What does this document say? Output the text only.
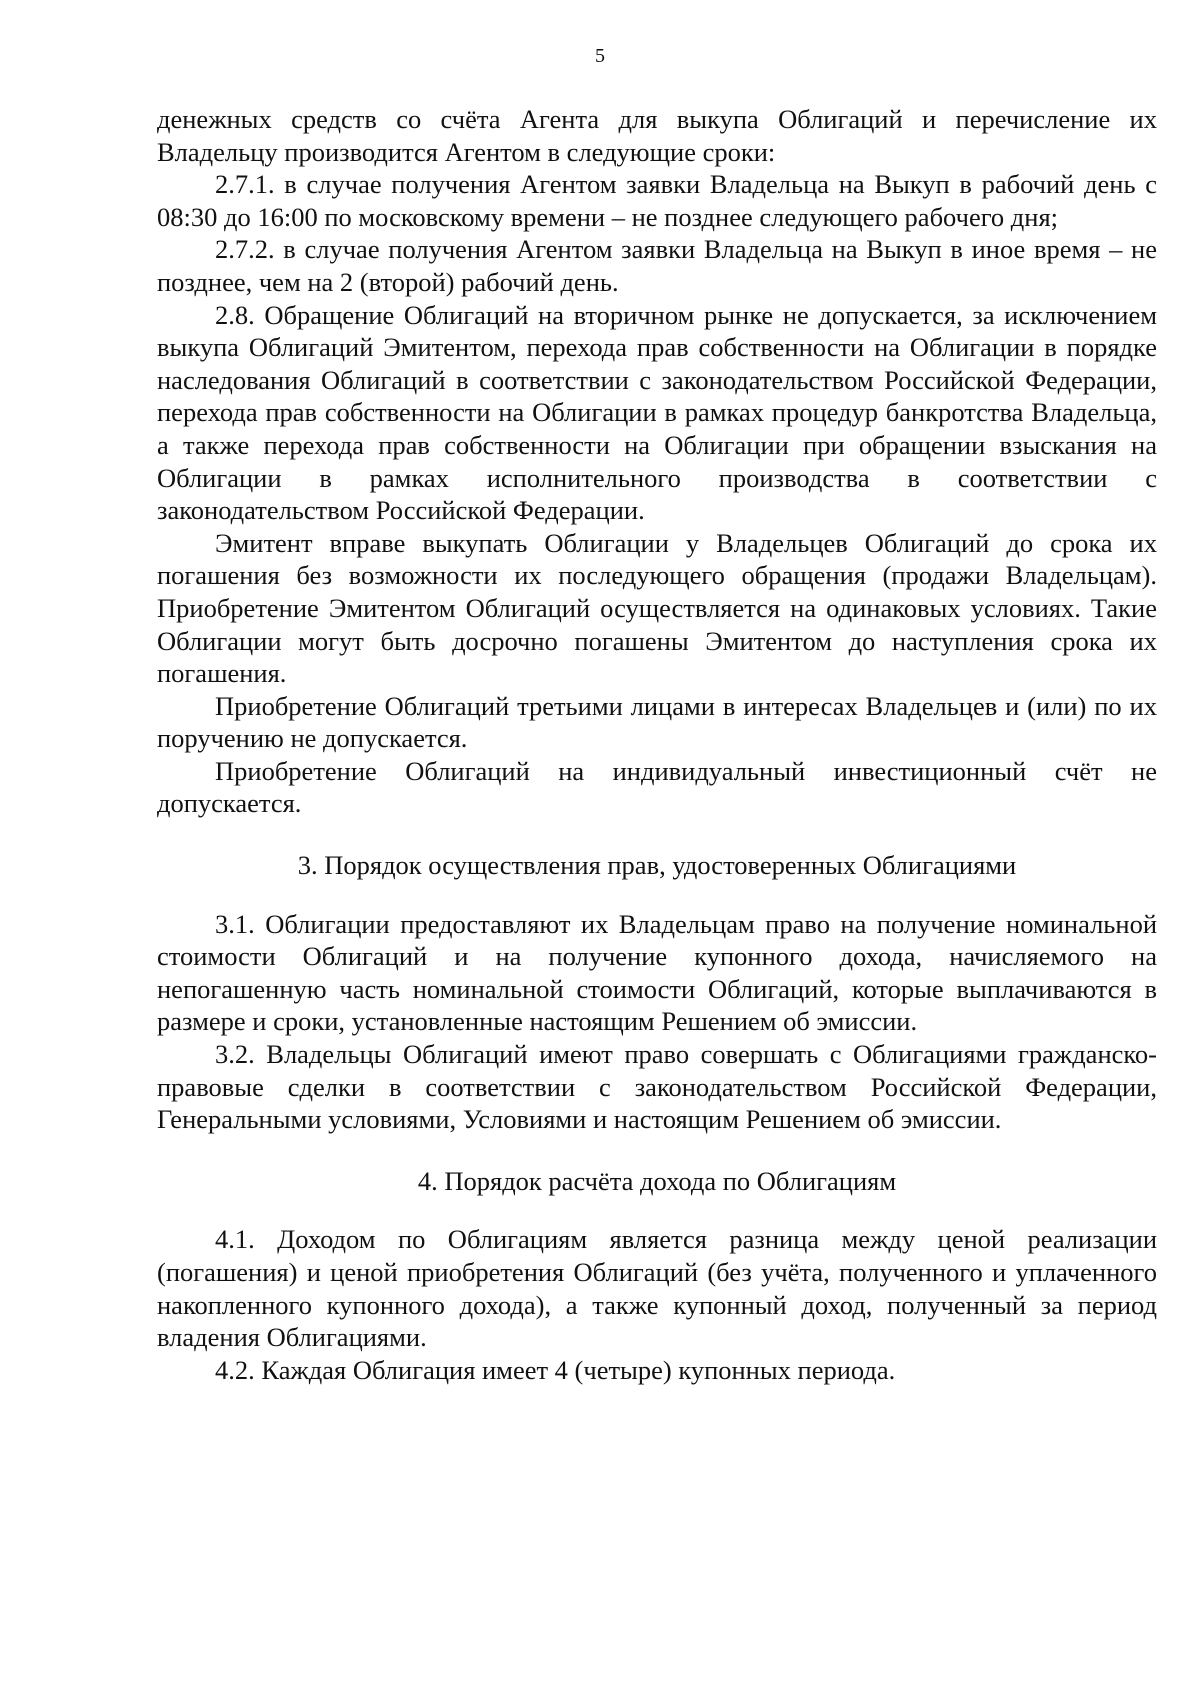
5

денежных средств со счёта Агента для выкупа Облигаций и перечисление их Владельцу производится Агентом в следующие сроки:

2.7.1. в случае получения Агентом заявки Владельца на Выкуп в рабочий день с 08:30 до 16:00 по московскому времени – не позднее следующего рабочего дня;

2.7.2. в случае получения Агентом заявки Владельца на Выкуп в иное время – не позднее, чем на 2 (второй) рабочий день.

2.8. Обращение Облигаций на вторичном рынке не допускается, за исключением выкупа Облигаций Эмитентом, перехода прав собственности на Облигации в порядке наследования Облигаций в соответствии с законодательством Российской Федерации, перехода прав собственности на Облигации в рамках процедур банкротства Владельца, а также перехода прав собственности на Облигации при обращении взыскания на Облигации в рамках исполнительного производства в соответствии с законодательством Российской Федерации.

Эмитент вправе выкупать Облигации у Владельцев Облигаций до срока их погашения без возможности их последующего обращения (продажи Владельцам). Приобретение Эмитентом Облигаций осуществляется на одинаковых условиях. Такие Облигации могут быть досрочно погашены Эмитентом до наступления срока их погашения.

Приобретение Облигаций третьими лицами в интересах Владельцев и (или) по их поручению не допускается.

Приобретение Облигаций на индивидуальный инвестиционный счёт не допускается.

3. Порядок осуществления прав, удостоверенных Облигациями

3.1. Облигации предоставляют их Владельцам право на получение номинальной стоимости Облигаций и на получение купонного дохода, начисляемого на непогашенную часть номинальной стоимости Облигаций, которые выплачиваются в размере и сроки, установленные настоящим Решением об эмиссии.

3.2. Владельцы Облигаций имеют право совершать с Облигациями гражданско-правовые сделки в соответствии с законодательством Российской Федерации, Генеральными условиями, Условиями и настоящим Решением об эмиссии.

4. Порядок расчёта дохода по Облигациям

4.1. Доходом по Облигациям является разница между ценой реализации (погашения) и ценой приобретения Облигаций (без учёта, полученного и уплаченного накопленного купонного дохода), а также купонный доход, полученный за период владения Облигациями.

4.2. Каждая Облигация имеет 4 (четыре) купонных периода.
